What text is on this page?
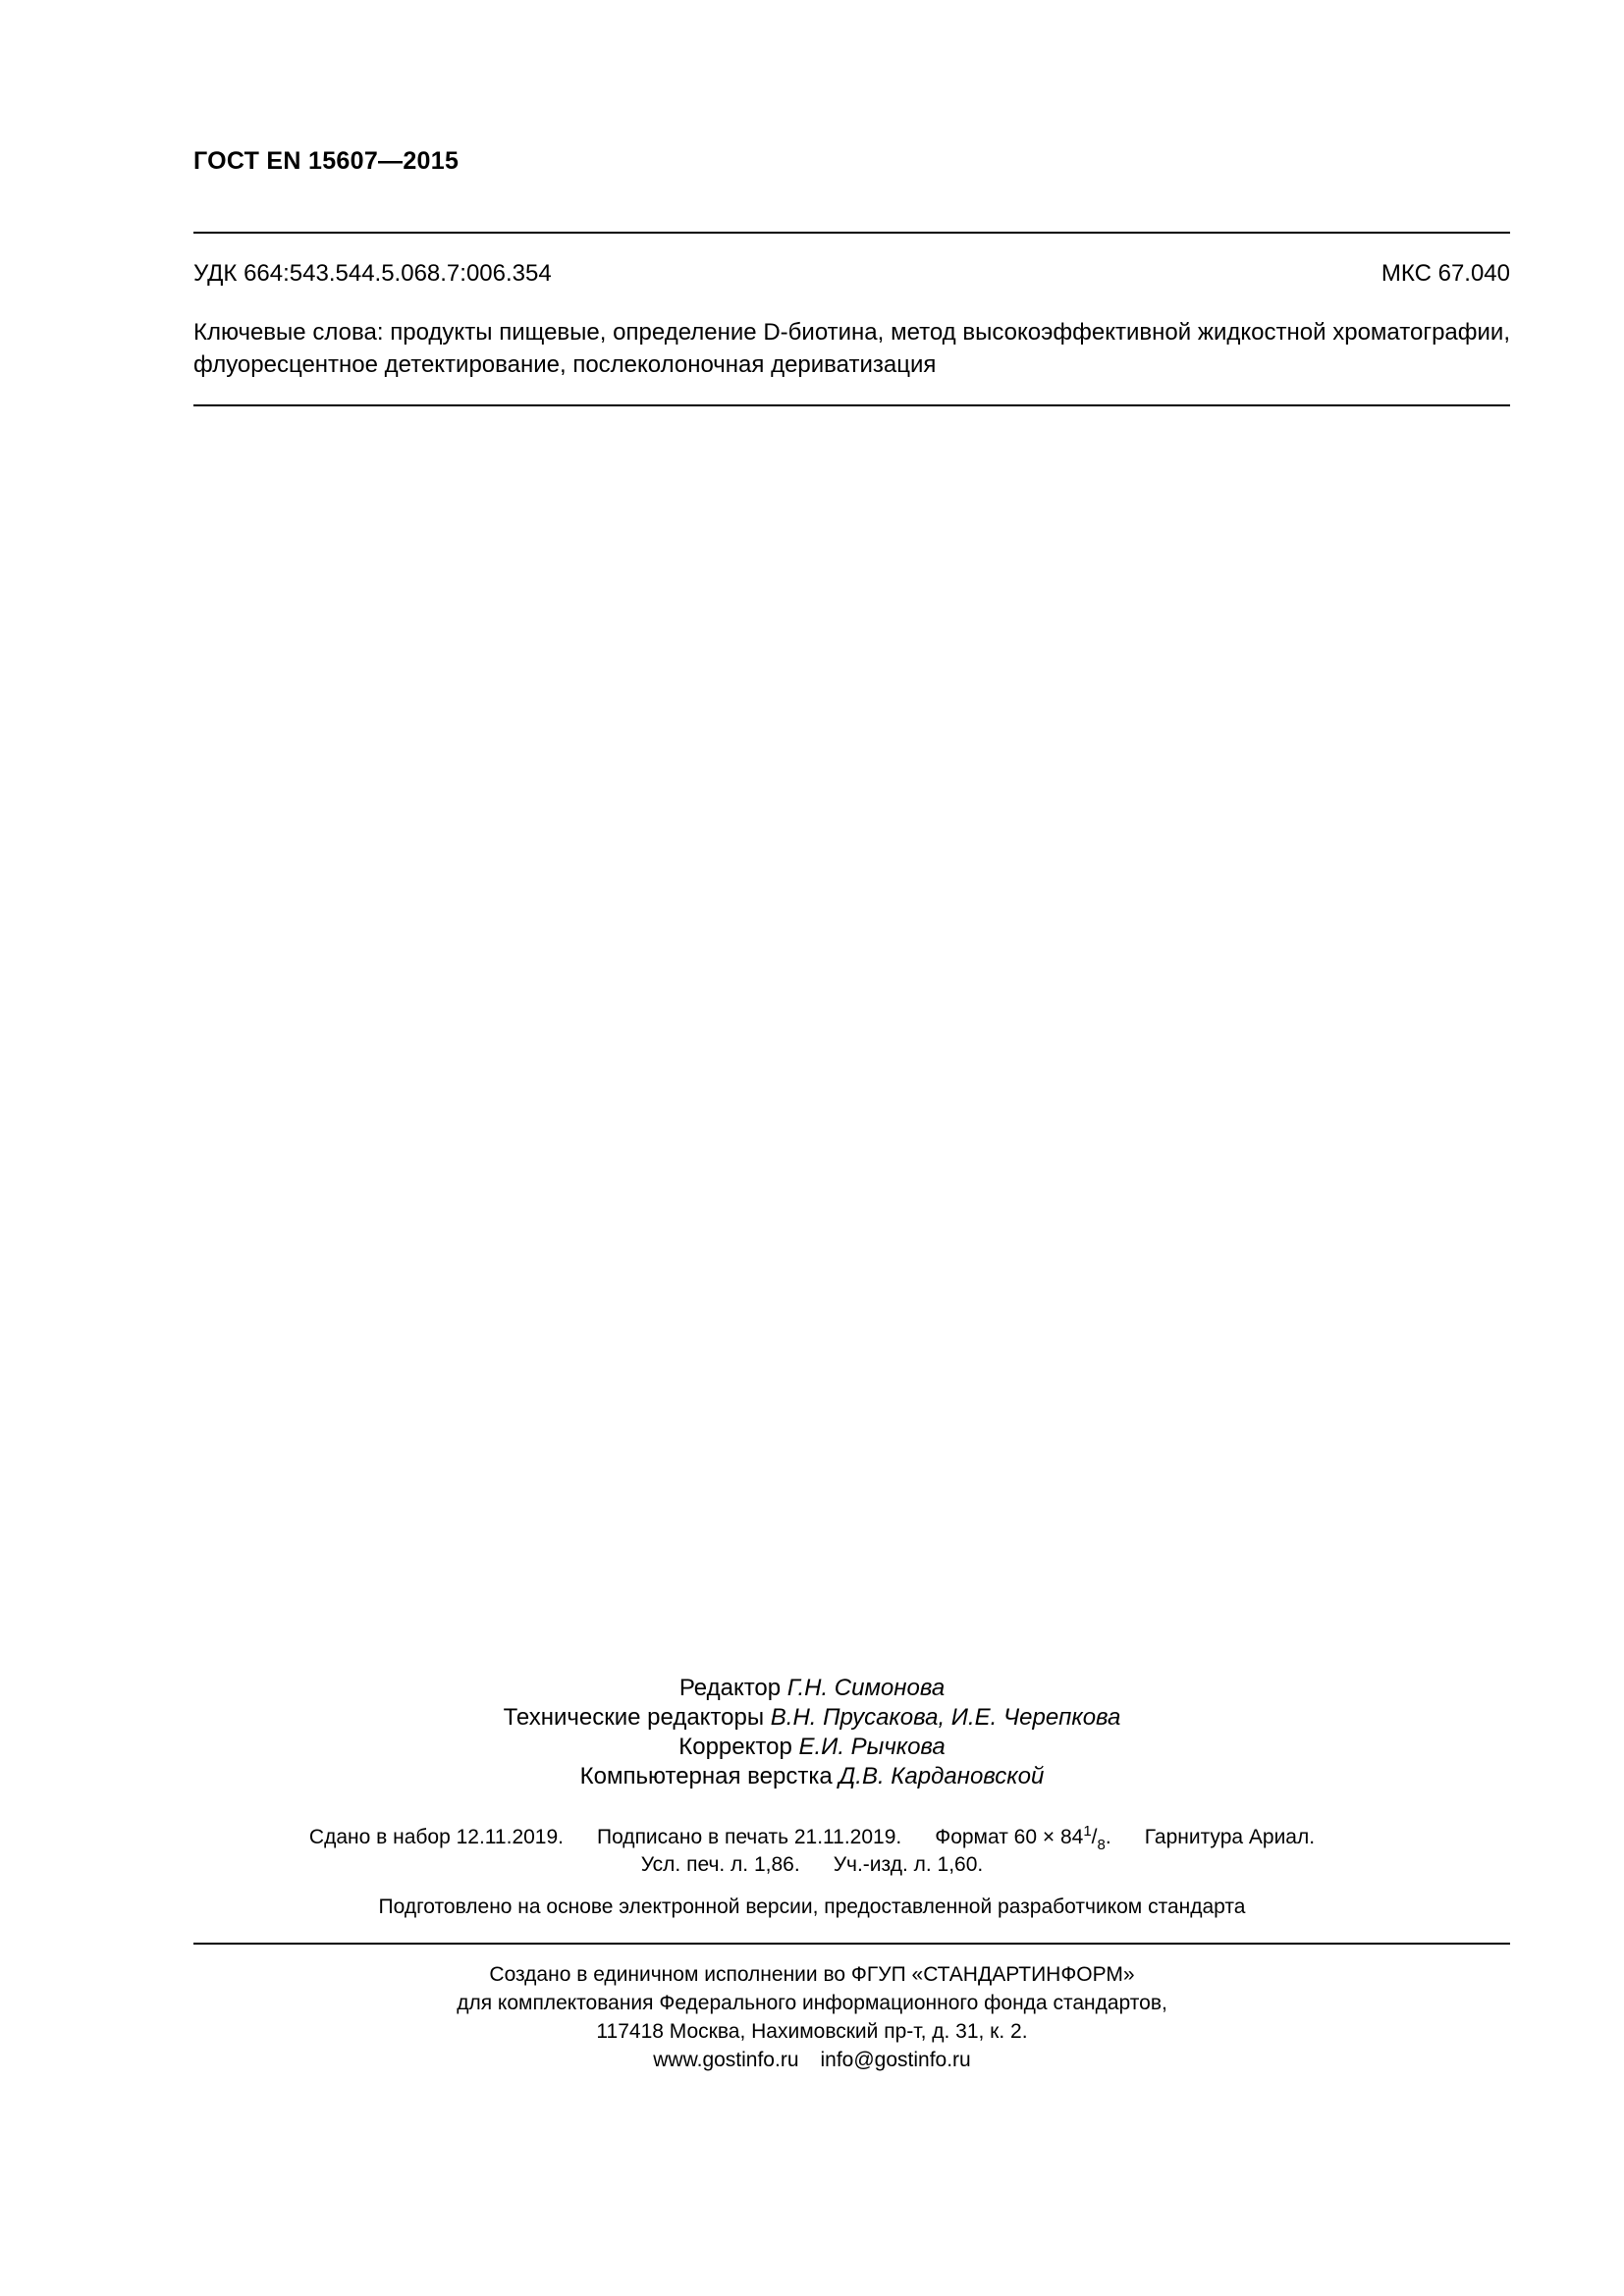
ГОСТ EN 15607—2015
УДК 664:543.544.5.068.7:006.354	МКС 67.040
Ключевые слова: продукты пищевые, определение D-биотина, метод высокоэффективной жидкостной хроматографии, флуоресцентное детектирование, послеколоночная дериватизация
Редактор Г.Н. Симонова
Технические редакторы В.Н. Прусакова, И.Е. Черепкова
Корректор Е.И. Рычкова
Компьютерная верстка Д.В. Кардановской
Сдано в набор 12.11.2019. Подписано в печать 21.11.2019. Формат $60 \times 84^1/_8$. Гарнитура Ариал.
Усл. печ. л. 1,86. Уч.-изд. л. 1,60.
Подготовлено на основе электронной версии, предоставленной разработчиком стандарта
Создано в единичном исполнении во ФГУП «СТАНДАРТИНФОРМ»
для комплектования Федерального информационного фонда стандартов,
117418 Москва, Нахимовский пр-т, д. 31, к. 2.
www.gostinfo.ru info@gostinfo.ru
